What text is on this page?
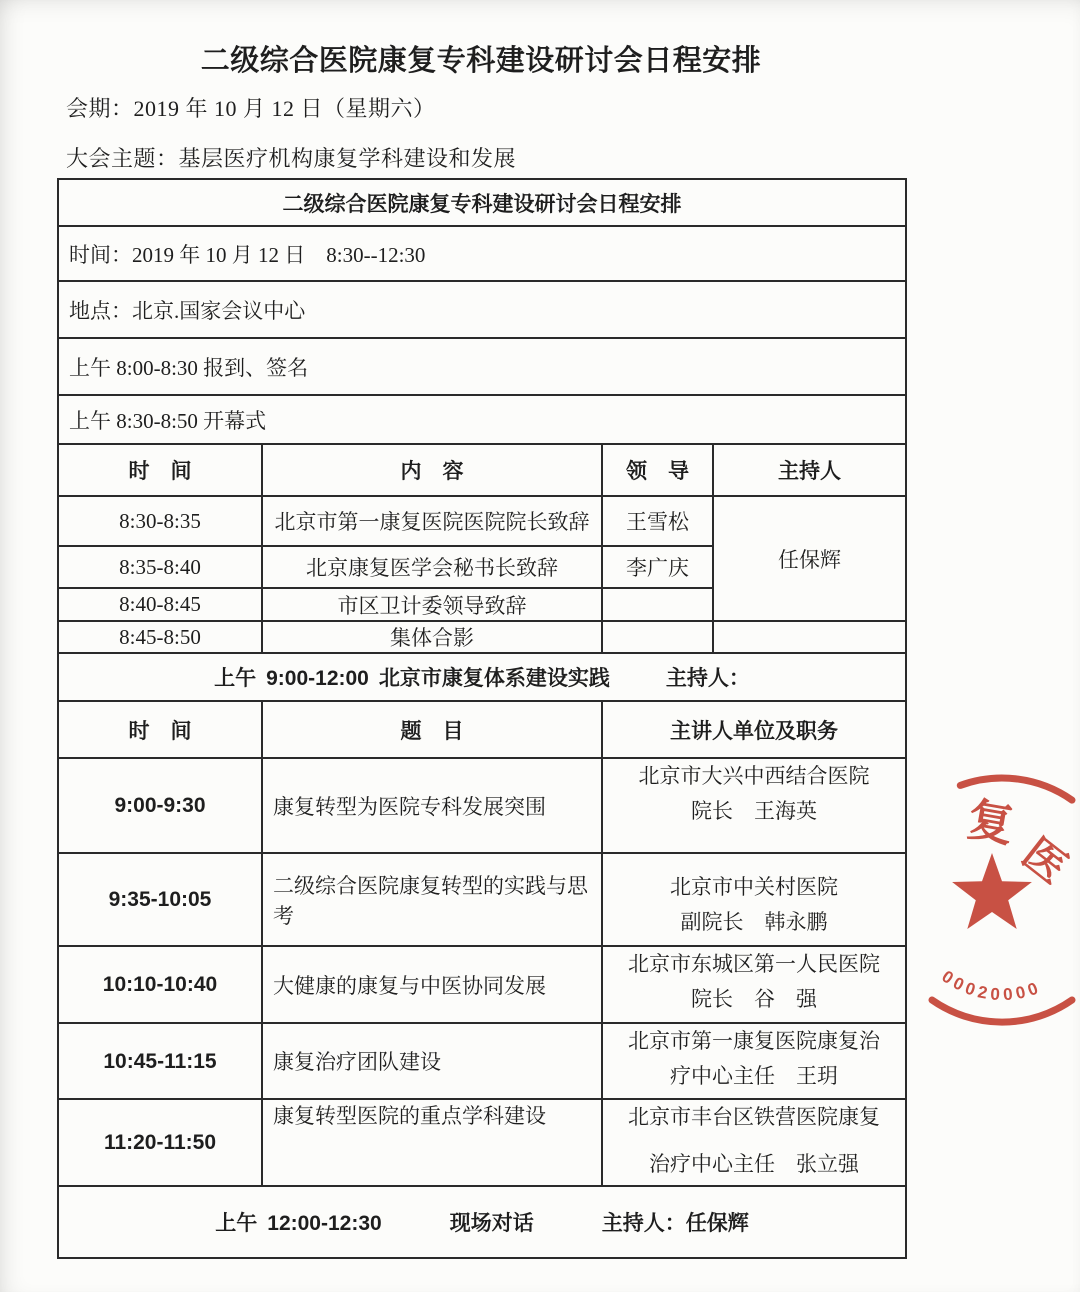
二级综合医院康复专科建设研讨会日程安排
会期：2019 年 10 月 12 日（星期六）
大会主题：基层医疗机构康复学科建设和发展
二级综合医院康复专科建设研讨会日程安排			
时间：2019 年 10 月 12 日　8:30--12:30			
地点：北京.国家会议中心			
上午 8:00-8:30 报到、签名			
上午 8:30-8:50 开幕式			
时　间	内　容	领　导	主持人
8:30-8:35	北京市第一康复医院医院院长致辞	王雪松	任保辉
8:35-8:40	北京康复医学会秘书长致辞	李广庆	
8:40-8:45	市区卫计委领导致辞		
8:45-8:50	集体合影		

上午 9:00-12:00 北京市康复体系建设实践 主持人：			

时　间	题　目	主讲人单位及职务	
9:00-9:30	康复转型为医院专科发展突围	北京市大兴中西结合医院
院长　王海英	

9:35-10:05	二级综合医院康复转型的实践与思考	北京市中关村医院
副院长　韩永鹏	

10:10-10:40	大健康的康复与中医协同发展	北京市东城区第一人民医院
院长　谷　强	

10:45-11:15	康复治疗团队建设	北京市第一康复医院康复治
疗中心主任　王玥	

11:20-11:50	康复转型医院的重点学科建设	北京市丰台区铁营医院康复
治疗中心主任　张立强	

上午 12:00-12:30 现场对话 主持人：任保辉			
复
医
00020000
